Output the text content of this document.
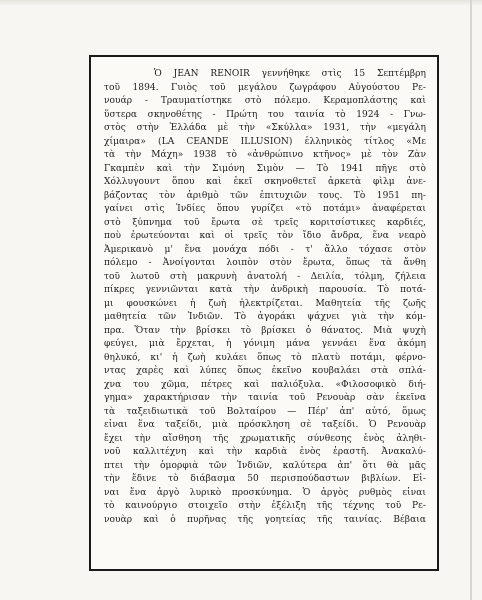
Ὁ JEAN RENOIR γεννήθηκε στὶς 15 Σεπτέμβρη
τοῦ 1894. Γυιὸς τοῦ μεγάλου ζωγράφου Αὐγούστου Ρε-
νουάρ - Τραυματίστηκε στὸ πόλεμο. Κεραμοπλάστης καὶ
ὕστερα σκηνοθέτης - Πρώτη του ταινία τὸ 1924 - Γνω-
στὸς στὴν Ἑλλάδα μὲ τὴν «Σκύλλα» 1931, τὴν «μεγάλη
χίμαιρα» (LA CEANDE ILLUSION) ἑλληνικὸς τίτλος «Με
τὰ τὴν Μάχη» 1938 τὸ «ἀνθρώπινο κτῆνος» μὲ τὸν Ζὰν
Γκαμπὲν καὶ τὴν Σιμόνη Σιμὸν — Τὸ 1941 πῆγε στὸ
Χόλλυγουντ ὅπου καὶ ἐκεῖ σκηνοθετεῖ ἀρκετὰ φὶλμ ἀνε-
βάζοντας τὸν ἀριθμὸ τῶν ἐπιτυχιῶν τους. Τὸ 1951 πη-
γαίνει στὶς Ἰνδίες ὅπου γυρίζει «τὸ ποτάμι» ἀναφέρεται
στὸ ξύπνημα τοῦ ἔρωτα σὲ τρεῖς κοριτσίστικες καρδιές,
ποὺ ἐρωτεύονται καὶ οἱ τρεῖς τὸν ἴδιο ἄνδρα, ἕνα νεαρὸ
Ἀμερικανὸ μ' ἕνα μονάχα πόδι - τ' ἄλλο τόχασε στὸν
πόλεμο - Ἀνοίγονται λοιπὸν στὸν ἔρωτα, ὅπως τὰ ἄνθη
τοῦ λωτοῦ στὴ μακρυνὴ ἀνατολή - Δειλία, τόλμη, ζήλεια
πίκρες γεννιῶνται κατὰ τὴν ἀνδρικὴ παρουσία. Τὸ ποτά-
μι φουσκώνει ἡ ζωὴ ἡλεκτρίζεται. Μαθητεία τῆς ζωῆς
μαθητεία τῶν Ἰνδιῶν. Τὸ ἀγοράκι ψάχνει γιὰ τὴν κόμ-
πρα. Ὅταν τὴν βρίσκει τὸ βρίσκει ὁ θάνατος. Μιὰ ψυχὴ
φεύγει, μιὰ ἔρχεται, ἡ γόνιμη μάνα γεννάει ἕνα ἀκόμη
θηλυκό, κι' ἡ ζωὴ κυλάει ὅπως τὸ πλατὺ ποτάμι, φέρνο-
ντας χαρὲς καὶ λύπες ὅπως ἐκεῖνο κουβαλάει στὰ σπλά-
χνα του χῶμα, πέτρες καὶ παλιόξυλα. «Φιλοσοφικὸ διή-
γημα» χαρακτήρισαν τὴν ταινία τοῦ Ρενουὰρ σὰν ἐκεῖνα
τὰ ταξειδιωτικὰ τοῦ Βολταίρου — Πέρ' ἀπ' αὐτό, ὅμως
εἶναι ἕνα ταξείδι, μιὰ πρόσκληση σὲ ταξείδι. Ὁ Ρενουὰρ
ἔχει τὴν αἴσθηση τῆς χρωματικῆς σύνθεσης ἑνὸς ἀληθι-
νοῦ καλλιτέχνη καὶ τὴν καρδιὰ ἑνὸς ἐραστῆ. Ἀνακαλύ-
πτει τὴν ὁμορφιὰ τῶν Ἰνδιῶν, καλύτερα ἀπ' ὅτι θὰ μᾶς
τὴν ἔδινε τὸ διάβασμα 50 περισπούδαστων βιβλίων. Εἰ-
ναι ἕνα ἀργὸ λυρικὸ προσκύνημα. Ὁ ἀργὸς ρυθμὸς εἶναι
τὸ καινούργιο στοιχεῖο στὴν ἐξέλιξη τῆς τέχνης τοῦ Ρε-
νουὰρ καὶ ὁ πυρῆνας τῆς γοητείας τῆς ταινίας. Βέβαια
